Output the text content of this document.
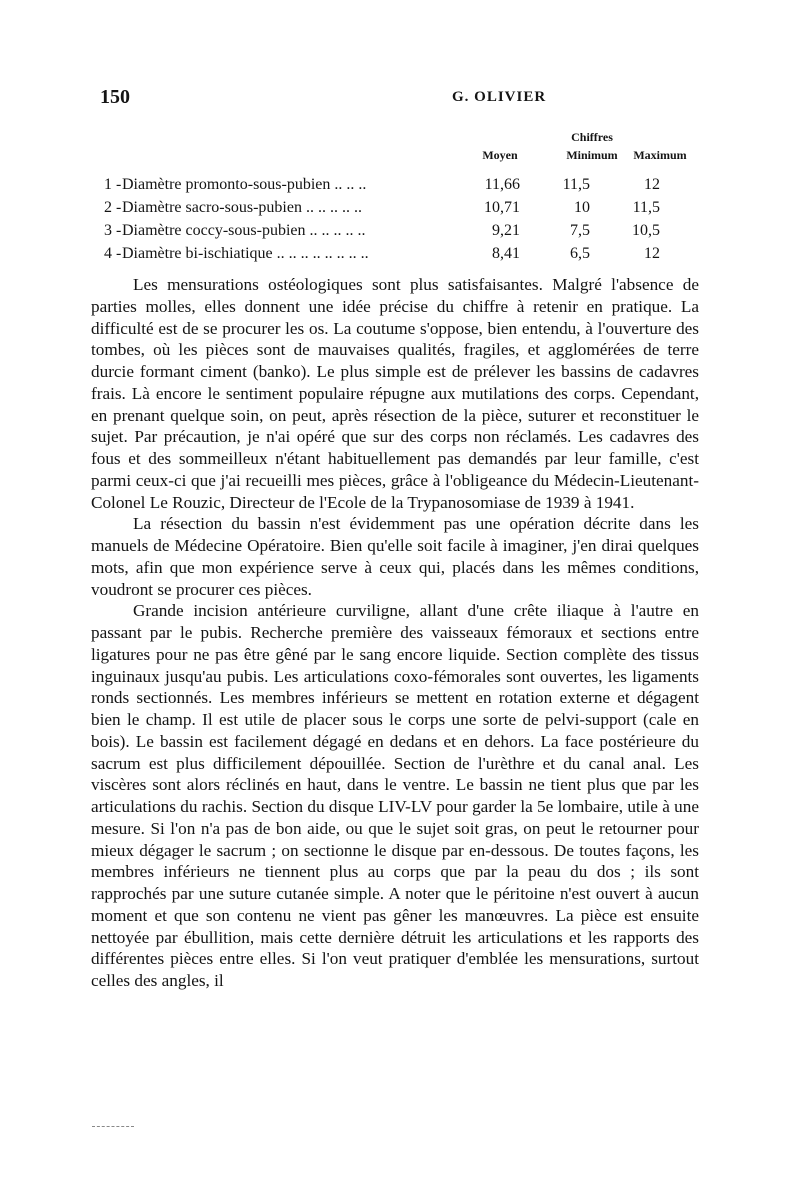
150	G. OLIVIER
Chiffres
Moyen	Minimum	Maximum
1 - Diamètre promonto-sous-pubien .. .. ..	11,66	11,5	12
2 - Diamètre sacro-sous-pubien .. .. .. .. ..	10,71	10	11,5
3 - Diamètre coccy-sous-pubien .. .. .. .. ..	9,21	7,5	10,5
4 - Diamètre bi-ischiatique .. .. .. .. .. .. .. ..	8,41	6,5	12

Les mensurations ostéologiques sont plus satisfaisantes. Malgré l'absence de parties molles, elles donnent une idée précise du chiffre à retenir en pratique. La difficulté est de se procurer les os. La coutume s'oppose, bien entendu, à l'ouverture des tombes, où les pièces sont de mauvaises qualités, fragiles, et agglomérées de terre durcie formant ciment (banko). Le plus simple est de prélever les bassins de cadavres frais. Là encore le sentiment populaire répugne aux mutilations des corps. Cependant, en prenant quelque soin, on peut, après résection de la pièce, suturer et reconstituer le sujet. Par précaution, je n'ai opéré que sur des corps non réclamés. Les cadavres des fous et des sommeilleux n'étant habituellement pas demandés par leur famille, c'est parmi ceux-ci que j'ai recueilli mes pièces, grâce à l'obligeance du Médecin-Lieutenant-Colonel Le Rouzic, Directeur de l'Ecole de la Trypanosomiase de 1939 à 1941.

La résection du bassin n'est évidemment pas une opération décrite dans les manuels de Médecine Opératoire. Bien qu'elle soit facile à imaginer, j'en dirai quelques mots, afin que mon expérience serve à ceux qui, placés dans les mêmes conditions, voudront se procurer ces pièces.

Grande incision antérieure curviligne, allant d'une crête iliaque à l'autre en passant par le pubis. Recherche première des vaisseaux fémoraux et sections entre ligatures pour ne pas être gêné par le sang encore liquide. Section complète des tissus inguinaux jusqu'au pubis. Les articulations coxo-fémorales sont ouvertes, les ligaments ronds sectionnés. Les membres inférieurs se mettent en rotation externe et dégagent bien le champ. Il est utile de placer sous le corps une sorte de pelvi-support (cale en bois). Le bassin est facilement dégagé en dedans et en dehors. La face postérieure du sacrum est plus difficilement dépouillée. Section de l'urèthre et du canal anal. Les viscères sont alors réclinés en haut, dans le ventre. Le bassin ne tient plus que par les articulations du rachis. Section du disque LIV-LV pour garder la 5e lombaire, utile à une mesure. Si l'on n'a pas de bon aide, ou que le sujet soit gras, on peut le retourner pour mieux dégager le sacrum ; on sectionne le disque par en-dessous. De toutes façons, les membres inférieurs ne tiennent plus au corps que par la peau du dos ; ils sont rapprochés par une suture cutanée simple. A noter que le péritoine n'est ouvert à aucun moment et que son contenu ne vient pas gêner les manœuvres. La pièce est ensuite nettoyée par ébullition, mais cette dernière détruit les articulations et les rapports des différentes pièces entre elles. Si l'on veut pratiquer d'emblée les mensurations, surtout celles des angles, il
